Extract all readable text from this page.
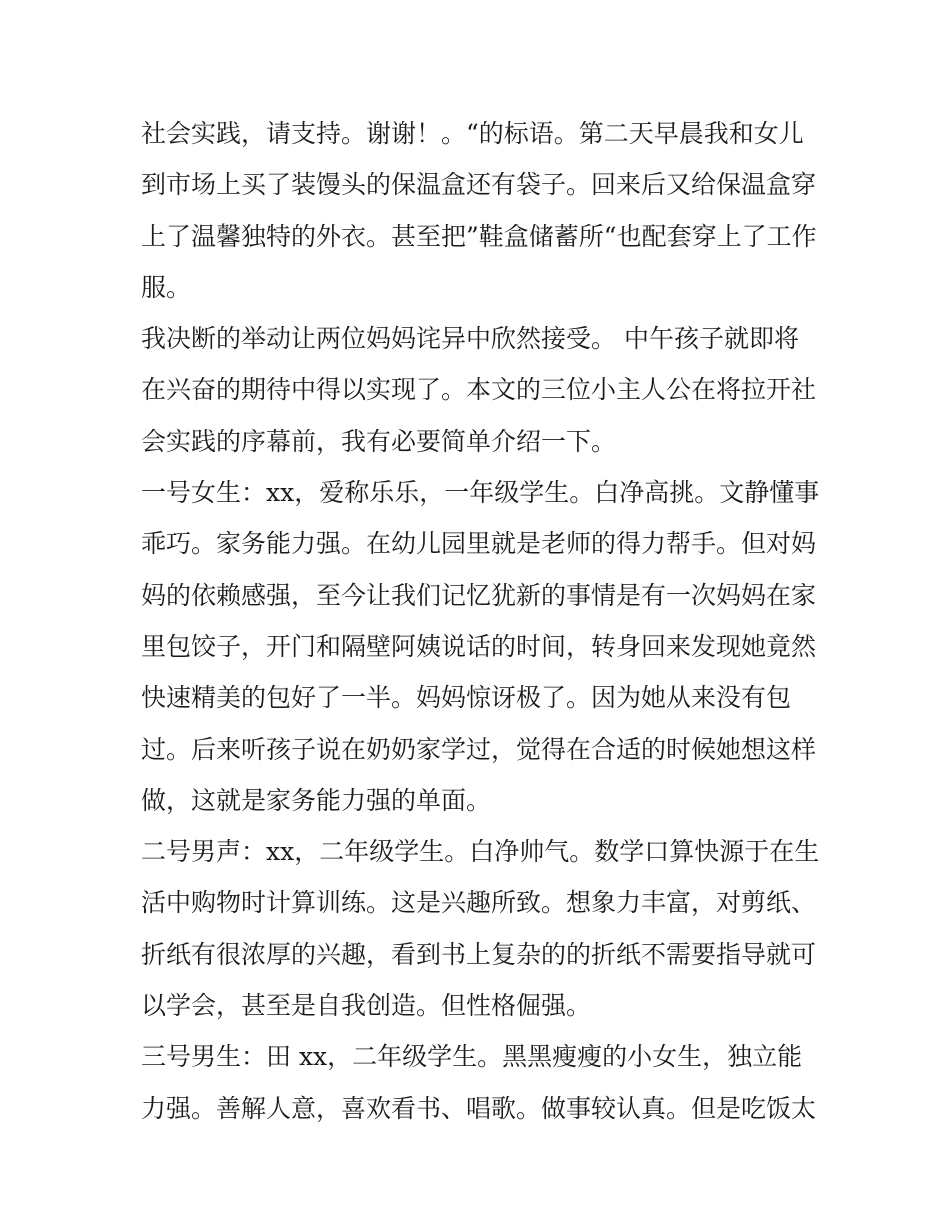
社会实践，请支持。谢谢！。“的标语。第二天早晨我和女儿
到市场上买了装馒头的保温盒还有袋子。回来后又给保温盒穿
上了温馨独特的外衣。甚至把”鞋盒储蓄所“也配套穿上了工作
服。
我决断的举动让两位妈妈诧异中欣然接受。 中午孩子就即将
在兴奋的期待中得以实现了。本文的三位小主人公在将拉开社
会实践的序幕前，我有必要简单介绍一下。
一号女生：xx，爱称乐乐，一年级学生。白净高挑。文静懂事
乖巧。家务能力强。在幼儿园里就是老师的得力帮手。但对妈
妈的依赖感强，至今让我们记忆犹新的事情是有一次妈妈在家
里包饺子，开门和隔壁阿姨说话的时间，转身回来发现她竟然
快速精美的包好了一半。妈妈惊讶极了。因为她从来没有包
过。后来听孩子说在奶奶家学过，觉得在合适的时候她想这样
做，这就是家务能力强的单面。
二号男声：xx，二年级学生。白净帅气。数学口算快源于在生
活中购物时计算训练。这是兴趣所致。想象力丰富，对剪纸、
折纸有很浓厚的兴趣，看到书上复杂的的折纸不需要指导就可
以学会，甚至是自我创造。但性格倔强。
三号男生：田 xx，二年级学生。黑黑瘦瘦的小女生，独立能
力强。善解人意，喜欢看书、唱歌。做事较认真。但是吃饭太
